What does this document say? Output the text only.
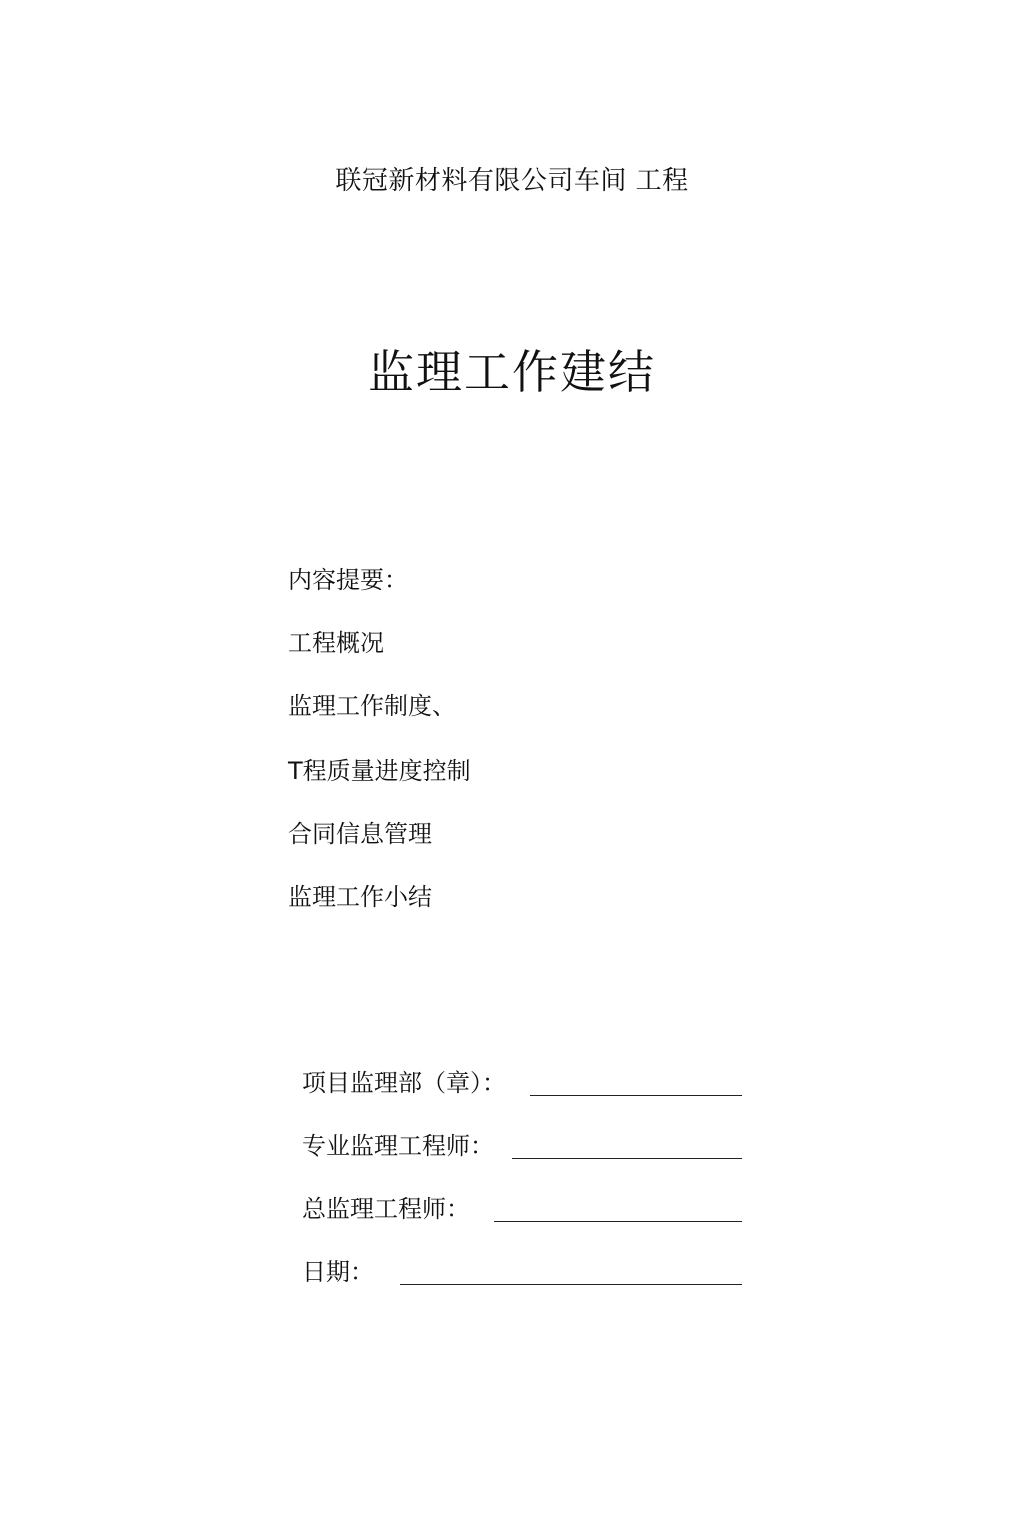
联冠新材料有限公司车间 工程
监理工作建结
内容提要：
工程概况
监理工作制度、
T程质量进度控制
合同信息管理
监理工作小结
项目监理部（章）：
专业监理工程师：
总监理工程师：
日期：
